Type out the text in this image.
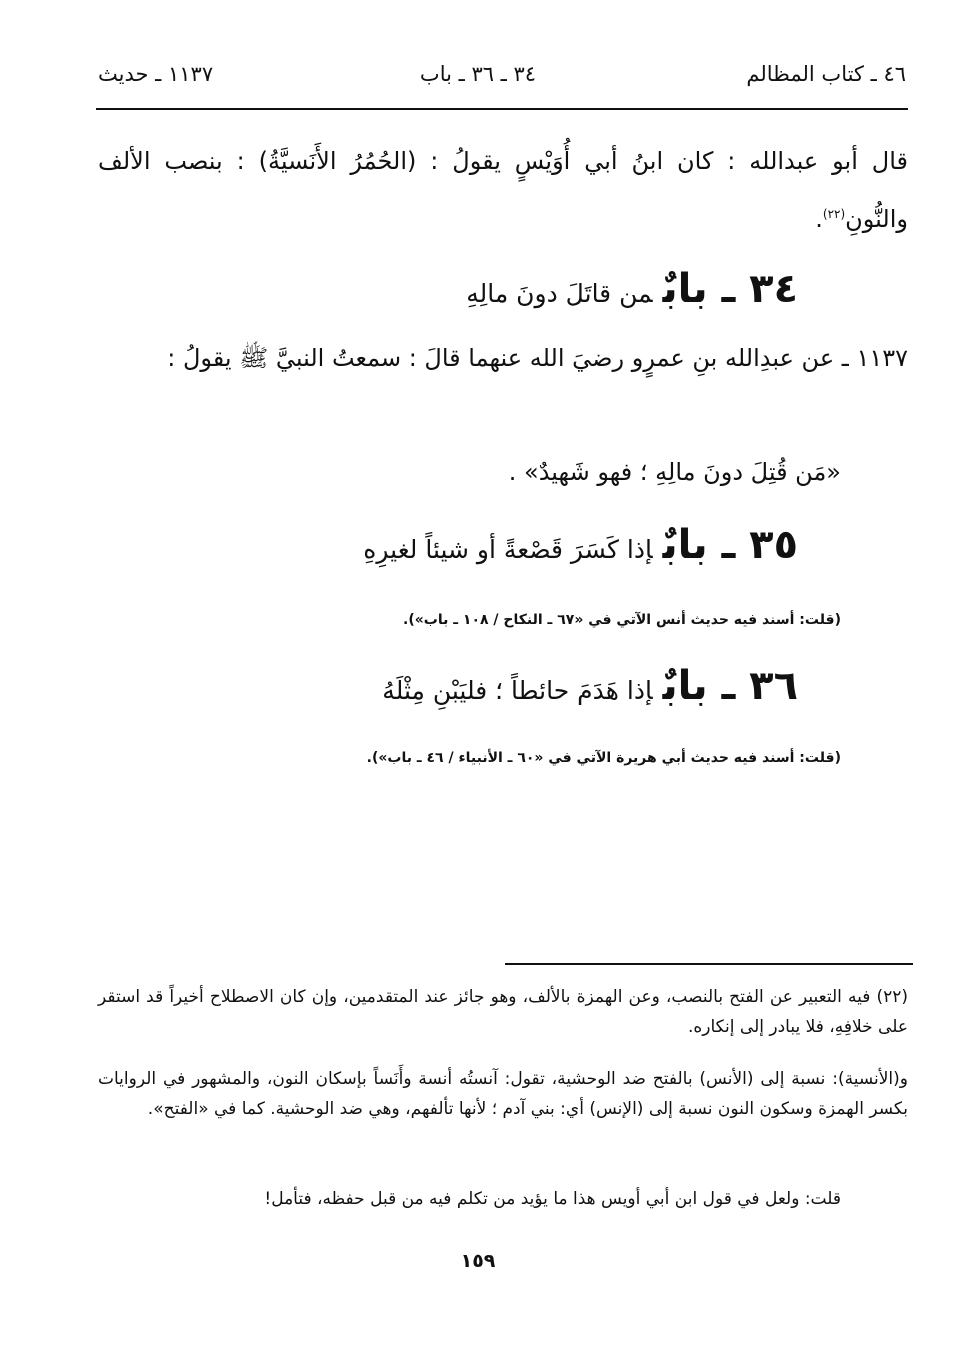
٤٦ ـ كتاب المظالم
٣٤ ـ ٣٦ ـ باب
١١٣٧ ـ حديث
قال أبو عبدالله : كان ابنُ أبي أُوَيْسٍ يقولُ : (الحُمُرُ الأَنَسيَّةُ) : بنصب الألف والنُّونِ$^{(٢٢)}$.
٣٤ ـ بابٌمن قاتَلَ دونَ مالِهِ
١١٣٧ ـ عن عبدِالله بنِ عمرٍو رضيَ الله عنهما قالَ : سمعتُ النبيَّ ﷺ يقولُ :
«مَن قُتِلَ دونَ مالِهِ ؛ فهو شَهيدٌ» .
٣٥ ـ بابٌإذا كَسَرَ قَصْعةً أو شيئاً لغيرِهِ
(قلت: أسند فيه حديث أنس الآتي في «٦٧ ـ النكاح / ١٠٨ ـ باب»).
٣٦ ـ بابٌإذا هَدَمَ حائطاً ؛ فليَبْنِ مِثْلَهُ
(قلت: أسند فيه حديث أبي هريرة الآتي في «٦٠ ـ الأنبياء / ٤٦ ـ باب»).
(٢٢) فيه التعبير عن الفتح بالنصب، وعن الهمزة بالألف، وهو جائز عند المتقدمين، وإن كان الاصطلاح أخيراً قد استقر على خلافِهِ، فلا يبادر إلى إنكاره.
و(الأنسية): نسبة إلى (الأنس) بالفتح ضد الوحشية، تقول: آنستُه أنسة وأَنَساً بإسكان النون، والمشهور في الروايات بكسر الهمزة وسكون النون نسبة إلى (الإنس) أي: بني آدم ؛ لأنها تألفهم، وهي ضد الوحشية. كما في «الفتح».
قلت: ولعل في قول ابن أبي أويس هذا ما يؤيد من تكلم فيه من قبل حفظه، فتأمل!
١٥٩
